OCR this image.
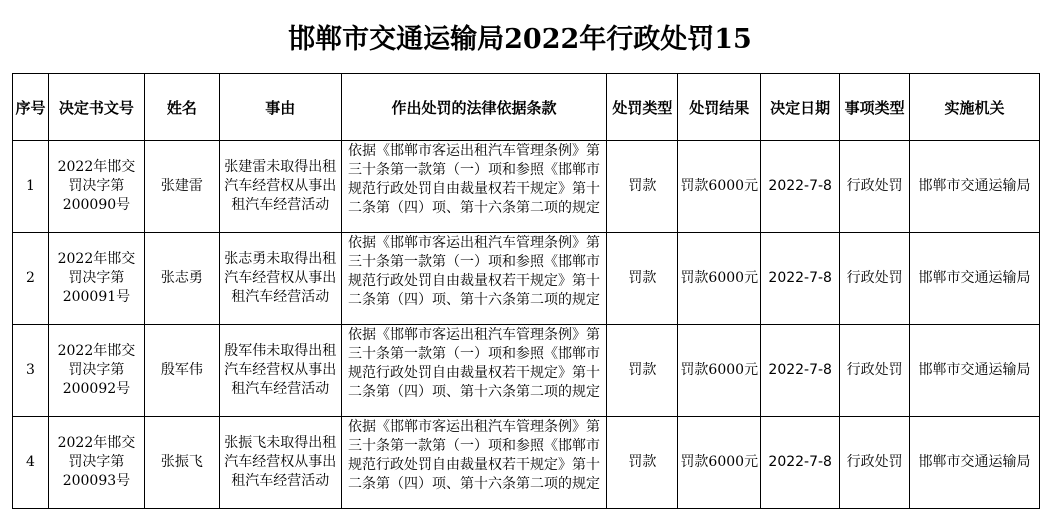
邯郸市交通运输局2022年行政处罚15
序号	决定书文号	姓名	事由	作出处罚的法律依据条款	处罚类型	处罚结果	决定日期	事项类型	实施机关

1	2022年邯交罚决字第200090号	张建雷	张建雷未取得出租汽车经营权从事出租汽车经营活动	依据《邯郸市客运出租汽车管理条例》第三十条第一款第（一）项和参照《邯郸市规范行政处罚自由裁量权若干规定》第十二条第（四）项、第十六条第二项的规定	罚款	罚款6000元	2022-7-8	行政处罚	邯郸市交通运输局

2	2022年邯交罚决字第200091号	张志勇	张志勇未取得出租汽车经营权从事出租汽车经营活动	依据《邯郸市客运出租汽车管理条例》第三十条第一款第（一）项和参照《邯郸市规范行政处罚自由裁量权若干规定》第十二条第（四）项、第十六条第二项的规定	罚款	罚款6000元	2022-7-8	行政处罚	邯郸市交通运输局

3	2022年邯交罚决字第200092号	殷军伟	殷军伟未取得出租汽车经营权从事出租汽车经营活动	依据《邯郸市客运出租汽车管理条例》第三十条第一款第（一）项和参照《邯郸市规范行政处罚自由裁量权若干规定》第十二条第（四）项、第十六条第二项的规定	罚款	罚款6000元	2022-7-8	行政处罚	邯郸市交通运输局

4	2022年邯交罚决字第200093号	张振飞	张振飞未取得出租汽车经营权从事出租汽车经营活动	依据《邯郸市客运出租汽车管理条例》第三十条第一款第（一）项和参照《邯郸市规范行政处罚自由裁量权若干规定》第十二条第（四）项、第十六条第二项的规定	罚款	罚款6000元	2022-7-8	行政处罚	邯郸市交通运输局
